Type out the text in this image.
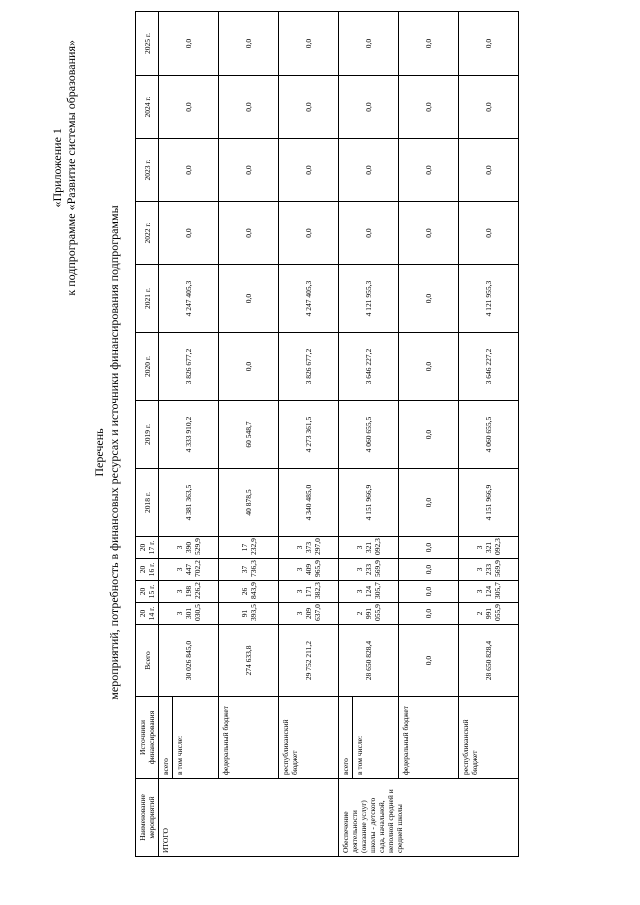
«Приложение 1 к подпрограмме «Развитие системы образования»
Перечень мероприятий, потребность в финансовых ресурсах и источники финансирования подпрограммы
Наименование мероприятий	Источники финансирования	Всего	20 14 г.	20 15 г.	20 16 г.	20 17 г.	2018 г.	2019 г.	2020 г.	2021 г.	2022 г.	2023 г.	2024 г.	2025 г.
ИТОГО	всего в том числе:	30 026 845,0	3 301 030,5	3 198 226,2	3 447 702,2	3 390 529,9	4 381 363,5	4 333 910,2	3 826 677,2	4 247 405,3	0,0	0,0	0,0	0,0

	федеральный бюджет	274 633,8	91 393,5	26 843,9	37 736,3	17 232,9	40 878,5	60 548,7	0,0	0,0	0,0	0,0	0,0	0,0

	республиканский бюджет	29 752 211,2	3 209 637,0	3 171 382,3	3 409 965,9	3 373 297,0	4 340 485,0	4 273 361,5	3 826 677,2	4 247 405,3	0,0	0,0	0,0	0,0
Обеспечение деятельности (оказание услуг) школы - детского сада, начальной, неполной средней и средней школы	всего в том числе:	28 650 828,4	2 991 055,9	3 124 305,7	3 233 569,9	3 321 092,3	4 151 966,9	4 060 655,5	3 646 227,2	4 121 955,3	0,0	0,0	0,0	0,0

	федеральный бюджет	0,0	0,0	0,0	0,0	0,0	0,0	0,0	0,0	0,0	0,0	0,0	0,0	0,0

	республиканский бюджет	28 650 828,4	2 991 055,9	3 124 305,7	3 233 569,9	3 321 092,3	4 151 966,9	4 060 655,5	3 646 227,2	4 121 955,3	0,0	0,0	0,0	0,0
